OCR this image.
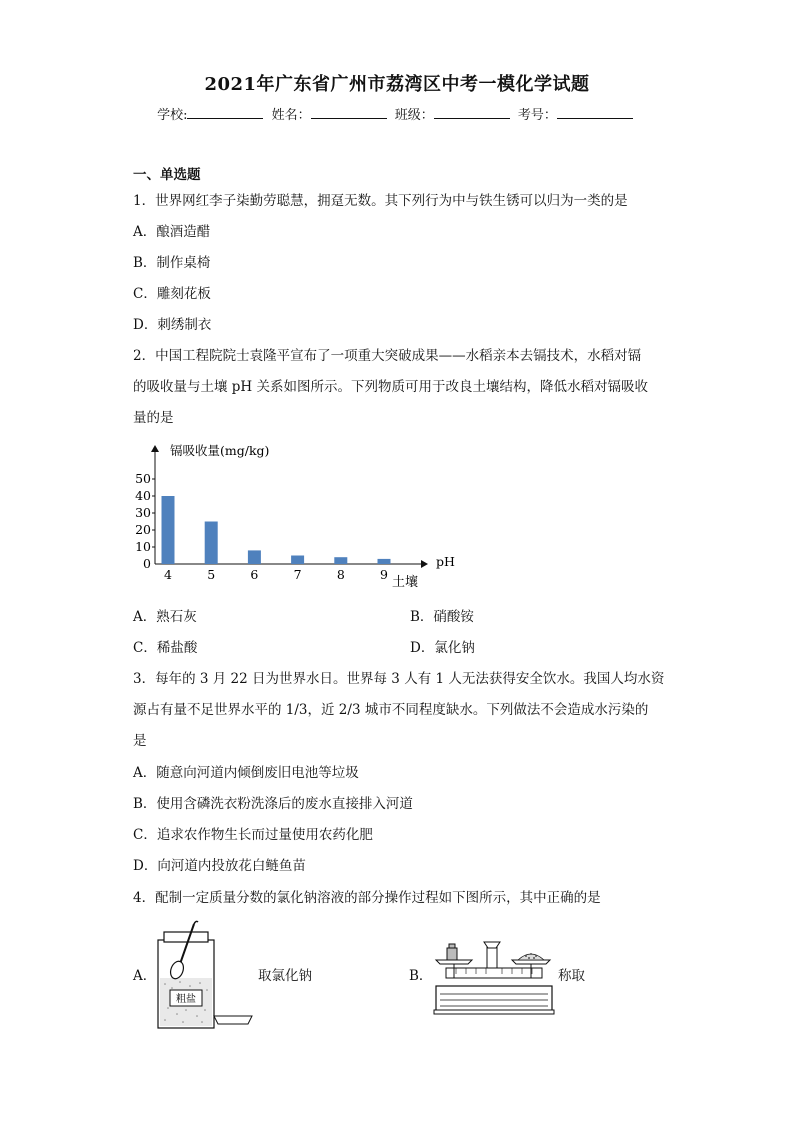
2021年广东省广州市荔湾区中考一模化学试题
学校:	姓名：	班级：	考号：
一、单选题
1．世界网红李子柒勤劳聪慧，拥趸无数。其下列行为中与铁生锈可以归为一类的是
A．酿酒造醋
B．制作桌椅
C．雕刻花板
D．刺绣制衣
2．中国工程院院士袁隆平宣布了一项重大突破成果——水稻亲本去镉技术，水稻对镉
的吸收量与土壤 pH 关系如图所示。下列物质可用于改良土壤结构，降低水稻对镉吸收
量的是
镉吸收量(mg/kg)
pH
土壤
0
10
20
30
40
50
4	5	6	7	8	9
A．熟石灰	B．硝酸铵
C．稀盐酸	D．氯化钠
3．每年的 3 月 22 日为世界水日。世界每 3 人有 1 人无法获得安全饮水。我国人均水资
源占有量不足世界水平的 1/3，近 2/3 城市不同程度缺水。下列做法不会造成水污染的
是
A．随意向河道内倾倒废旧电池等垃圾
B．使用含磷洗衣粉洗涤后的废水直接排入河道
C．追求农作物生长而过量使用农药化肥
D．向河道内投放花白鲢鱼苗
4．配制一定质量分数的氯化钠溶液的部分操作过程如下图所示，其中正确的是
A．
粗盐
取氯化钠	B．	称取
